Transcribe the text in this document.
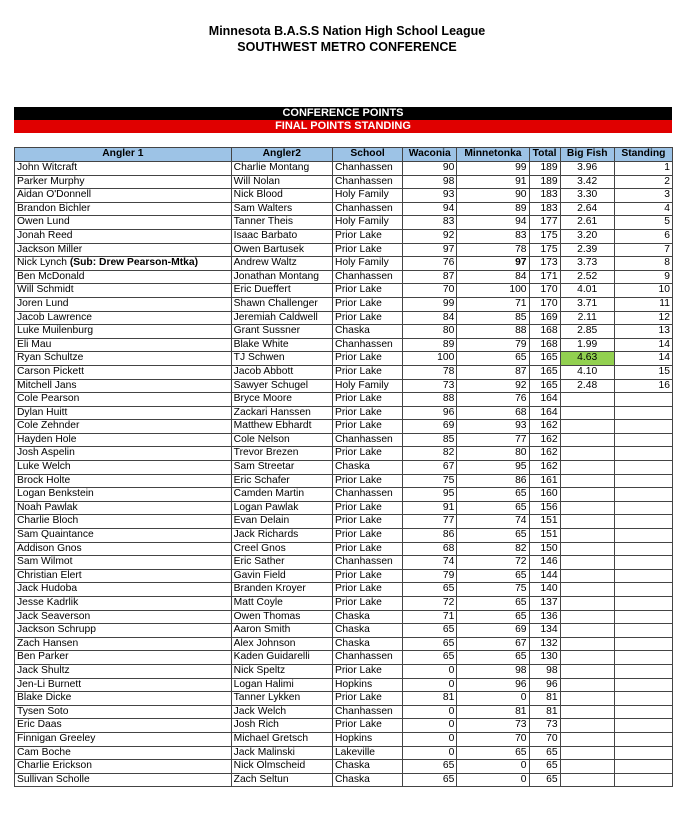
Minnesota B.A.S.S Nation High School League
SOUTHWEST METRO CONFERENCE
CONFERENCE POINTS
FINAL POINTS STANDING
Angler 1	Angler2	School	Waconia	Minnetonka	Total	Big Fish	Standing
John Witcraft	Charlie Montang	Chanhassen	90	99	189	3.96	1
Parker Murphy	Will Nolan	Chanhassen	98	91	189	3.42	2
Aidan O'Donnell	Nick Blood	Holy Family	93	90	183	3.30	3
Brandon Bichler	Sam Walters	Chanhassen	94	89	183	2.64	4
Owen Lund	Tanner Theis	Holy Family	83	94	177	2.61	5
Jonah Reed	Isaac Barbato	Prior Lake	92	83	175	3.20	6
Jackson Miller	Owen Bartusek	Prior Lake	97	78	175	2.39	7
Nick Lynch (Sub: Drew Pearson-Mtka)	Andrew Waltz	Holy Family	76	97	173	3.73	8
Ben McDonald	Jonathan Montang	Chanhassen	87	84	171	2.52	9
Will Schmidt	Eric Dueffert	Prior Lake	70	100	170	4.01	10
Joren Lund	Shawn Challenger	Prior Lake	99	71	170	3.71	11
Jacob Lawrence	Jeremiah Caldwell	Prior Lake	84	85	169	2.11	12
Luke Muilenburg	Grant Sussner	Chaska	80	88	168	2.85	13
Eli Mau	Blake White	Chanhassen	89	79	168	1.99	14
Ryan Schultze	TJ Schwen	Prior Lake	100	65	165	4.63	14
Carson Pickett	Jacob Abbott	Prior Lake	78	87	165	4.10	15
Mitchell Jans	Sawyer Schugel	Holy Family	73	92	165	2.48	16
Cole Pearson	Bryce Moore	Prior Lake	88	76	164		
Dylan Huitt	Zackari Hanssen	Prior Lake	96	68	164		
Cole Zehnder	Matthew Ebhardt	Prior Lake	69	93	162		
Hayden Hole	Cole Nelson	Chanhassen	85	77	162		
Josh Aspelin	Trevor Brezen	Prior Lake	82	80	162		
Luke Welch	Sam Streetar	Chaska	67	95	162		
Brock Holte	Eric Schafer	Prior Lake	75	86	161		
Logan Benkstein	Camden Martin	Chanhassen	95	65	160		
Noah Pawlak	Logan Pawlak	Prior Lake	91	65	156		
Charlie Bloch	Evan Delain	Prior Lake	77	74	151		
Sam Quaintance	Jack Richards	Prior Lake	86	65	151		
Addison Gnos	Creel Gnos	Prior Lake	68	82	150		
Sam Wilmot	Eric Sather	Chanhassen	74	72	146		
Christian Elert	Gavin Field	Prior Lake	79	65	144		
Jack Hudoba	Branden Kroyer	Prior Lake	65	75	140		
Jesse Kadrlik	Matt Coyle	Prior Lake	72	65	137		
Jack Seaverson	Owen Thomas	Chaska	71	65	136		
Jackson Schrupp	Aaron Smith	Chaska	65	69	134		
Zach Hansen	Alex Johnson	Chaska	65	67	132		
Ben Parker	Kaden Guidarelli	Chanhassen	65	65	130		
Jack Shultz	Nick Speltz	Prior Lake	0	98	98		
Jen-Li Burnett	Logan Halimi	Hopkins	0	96	96		
Blake Dicke	Tanner Lykken	Prior Lake	81	0	81		
Tysen Soto	Jack Welch	Chanhassen	0	81	81		
Eric Daas	Josh Rich	Prior Lake	0	73	73		
Finnigan Greeley	Michael Gretsch	Hopkins	0	70	70		
Cam Boche	Jack Malinski	Lakeville	0	65	65		
Charlie Erickson	Nick Olmscheid	Chaska	65	0	65		
Sullivan Scholle	Zach Seltun	Chaska	65	0	65		
